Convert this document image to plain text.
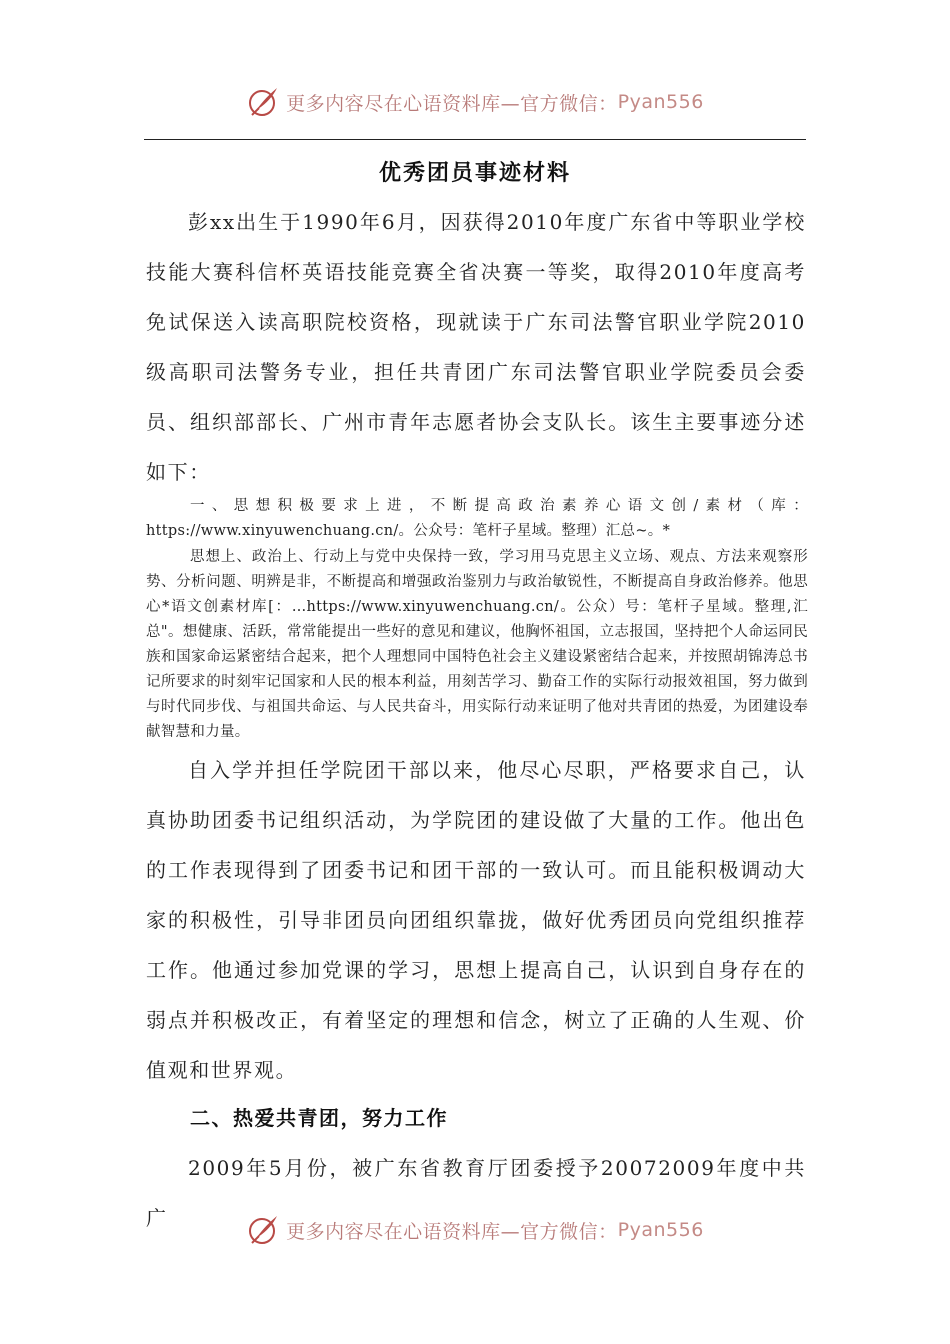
更多内容尽在心语资料库—官方微信： Pyan556
优秀团员事迹材料

彭xx出生于1990年6月，因获得2010年度广东省中等职业学校技能大赛科信杯英语技能竞赛全省决赛一等奖，取得2010年度高考免试保送入读高职院校资格，现就读于广东司法警官职业学院2010级高职司法警务专业，担任共青团广东司法警官职业学院委员会委员、组织部部长、广州市青年志愿者协会支队长。该生主要事迹分述如下：

一、思想积极要求上进，不断提高政治素养心语文创/素材（库：https://www.xinyuwenchuang.cn/。公众号：笔杆子星域。整理）汇总~。*

思想上、政治上、行动上与党中央保持一致，学习用马克思主义立场、观点、方法来观察形势、分析问题、明辨是非，不断提高和增强政治鉴别力与政治敏锐性，不断提高自身政治修养。他思心*语文创素材库[：…https://www.xinyuwenchuang.cn/。公众）号：笔杆子星域。整理,汇总"。想健康、活跃，常常能提出一些好的意见和建议，他胸怀祖国，立志报国，坚持把个人命运同民族和国家命运紧密结合起来，把个人理想同中国特色社会主义建设紧密结合起来，并按照胡锦涛总书记所要求的时刻牢记国家和人民的根本利益，用刻苦学习、勤奋工作的实际行动报效祖国，努力做到与时代同步伐、与祖国共命运、与人民共奋斗，用实际行动来证明了他对共青团的热爱，为团建设奉献智慧和力量。

自入学并担任学院团干部以来，他尽心尽职，严格要求自己，认真协助团委书记组织活动，为学院团的建设做了大量的工作。他出色的工作表现得到了团委书记和团干部的一致认可。而且能积极调动大家的积极性，引导非团员向团组织靠拢，做好优秀团员向党组织推荐工作。他通过参加党课的学习，思想上提高自己，认识到自身存在的弱点并积极改正，有着坚定的理想和信念，树立了正确的人生观、价值观和世界观。

二、热爱共青团，努力工作

2009年5月份，被广东省教育厅团委授予20072009年度中共广

更多内容尽在心语资料库—官方微信： Pyan556
